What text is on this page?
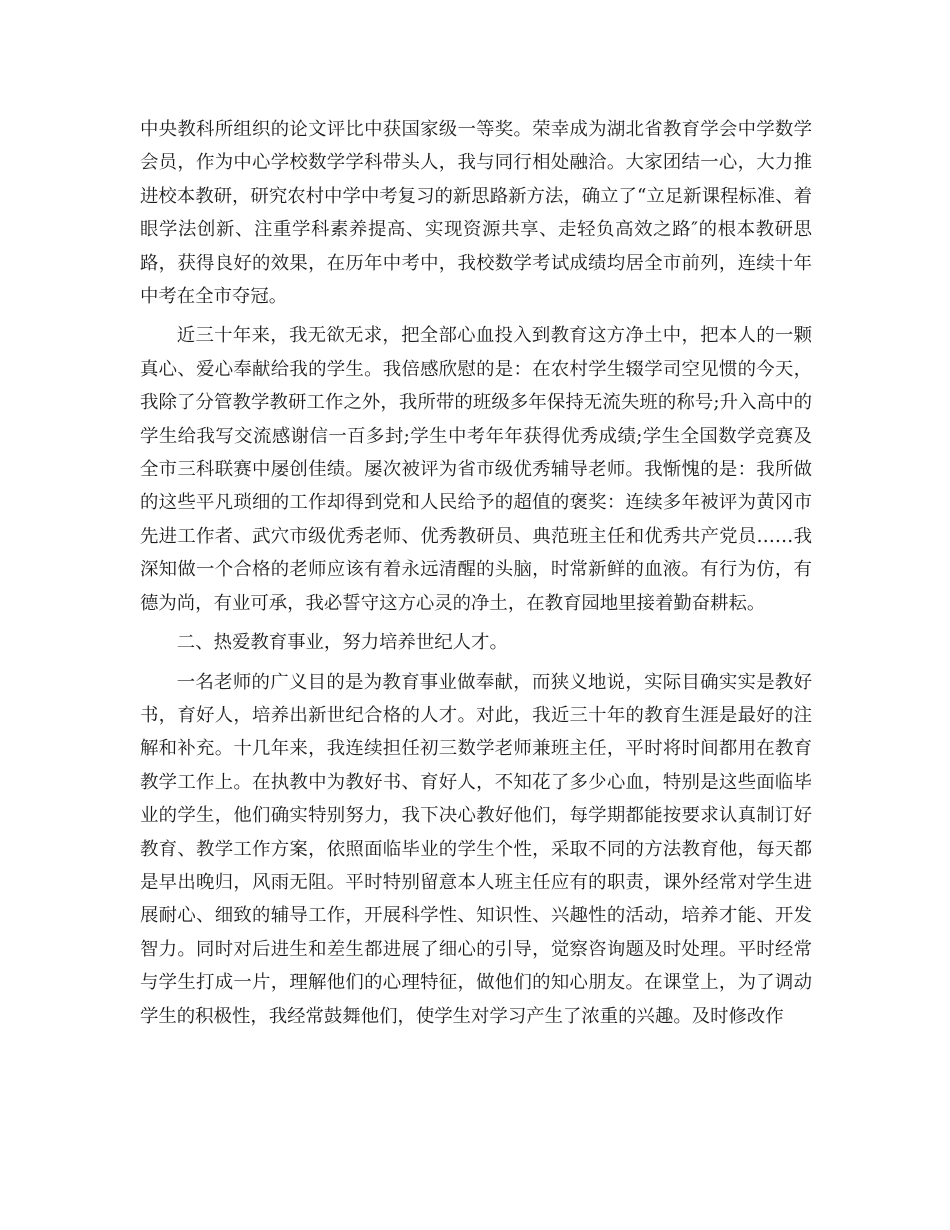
中央教科所组织的论文评比中获国家级一等奖。荣幸成为湖北省教育学会中学数学会员，作为中心学校数学学科带头人，我与同行相处融洽。大家团结一心，大力推进校本教研，研究农村中学中考复习的新思路新方法，确立了“立足新课程标准、着眼学法创新、注重学科素养提高、实现资源共享、走轻负高效之路″的根本教研思路，获得良好的效果，在历年中考中，我校数学考试成绩均居全市前列，连续十年中考在全市夺冠。

近三十年来，我无欲无求，把全部心血投入到教育这方净土中，把本人的一颗真心、爱心奉献给我的学生。我倍感欣慰的是：在农村学生辍学司空见惯的今天，我除了分管教学教研工作之外，我所带的班级多年保持无流失班的称号;升入高中的学生给我写交流感谢信一百多封;学生中考年年获得优秀成绩;学生全国数学竞赛及全市三科联赛中屡创佳绩。屡次被评为省市级优秀辅导老师。我惭愧的是：我所做的这些平凡琐细的工作却得到党和人民给予的超值的褒奖：连续多年被评为黄冈市先进工作者、武穴市级优秀老师、优秀教研员、典范班主任和优秀共产党员……我深知做一个合格的老师应该有着永远清醒的头脑，时常新鲜的血液。有行为仿，有德为尚，有业可承，我必誓守这方心灵的净土，在教育园地里接着勤奋耕耘。

二、热爱教育事业，努力培养世纪人才。

一名老师的广义目的是为教育事业做奉献，而狭义地说，实际目确实实是教好书，育好人，培养出新世纪合格的人才。对此，我近三十年的教育生涯是最好的注解和补充。十几年来，我连续担任初三数学老师兼班主任，平时将时间都用在教育教学工作上。在执教中为教好书、育好人，不知花了多少心血，特别是这些面临毕业的学生，他们确实特别努力，我下决心教好他们，每学期都能按要求认真制订好教育、教学工作方案，依照面临毕业的学生个性，采取不同的方法教育他，每天都是早出晚归，风雨无阻。平时特别留意本人班主任应有的职责，课外经常对学生进展耐心、细致的辅导工作，开展科学性、知识性、兴趣性的活动，培养才能、开发智力。同时对后进生和差生都进展了细心的引导，觉察咨询题及时处理。平时经常与学生打成一片，理解他们的心理特征，做他们的知心朋友。在课堂上，为了调动学生的积极性，我经常鼓舞他们，使学生对学习产生了浓重的兴趣。及时修改作
